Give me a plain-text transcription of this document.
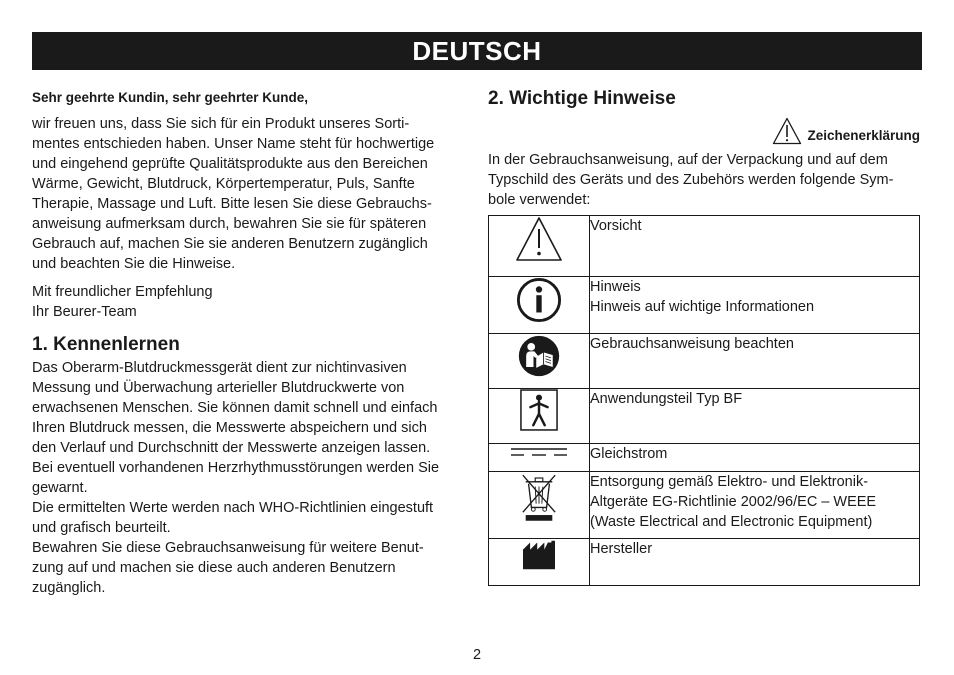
DEUTSCH

Sehr geehrte Kundin, sehr geehrter Kunde,

wir freuen uns, dass Sie sich für ein Produkt unseres Sorti-
mentes entschieden haben. Unser Name steht für hochwertige
und eingehend geprüfte Qualitätsprodukte aus den Bereichen
Wärme, Gewicht, Blutdruck, Körpertemperatur, Puls, Sanfte
Therapie, Massage und Luft. Bitte lesen Sie diese Gebrauchs-
anweisung aufmerksam durch, bewahren Sie sie für späteren
Gebrauch auf, machen Sie sie anderen Benutzern zugänglich
und beachten Sie die Hinweise.

Mit freundlicher Empfehlung
Ihr Beurer-Team

1. Kennenlernen

Das Oberarm-Blutdruckmessgerät dient zur nichtinvasiven
Messung und Überwachung arterieller Blutdruckwerte von
erwachsenen Menschen. Sie können damit schnell und einfach
Ihren Blutdruck messen, die Messwerte abspeichern und sich
den Verlauf und Durchschnitt der Messwerte anzeigen lassen.
Bei eventuell vorhandenen Herzrhythmusstörungen werden Sie
gewarnt.
Die ermittelten Werte werden nach WHO-Richtlinien eingestuft
und grafisch beurteilt.
Bewahren Sie diese Gebrauchsanweisung für weitere Benut-
zung auf und machen sie diese auch anderen Benutzern
zugänglich.

2. Wichtige Hinweise
Zeichenerklärung

In der Gebrauchsanweisung, auf der Verpackung und auf dem
Typschild des Geräts und des Zubehörs werden folgende Sym-
bole verwendet:

	Vorsicht

	Hinweis
Hinweis auf wichtige Informationen

	Gebrauchsanweisung beachten

	Anwendungsteil Typ BF

	Gleichstrom

	Entsorgung gemäß Elektro- und Elektronik-
Altgeräte EG-Richtlinie 2002/96/EC – WEEE
(Waste Electrical and Electronic Equipment)

	Hersteller
2
